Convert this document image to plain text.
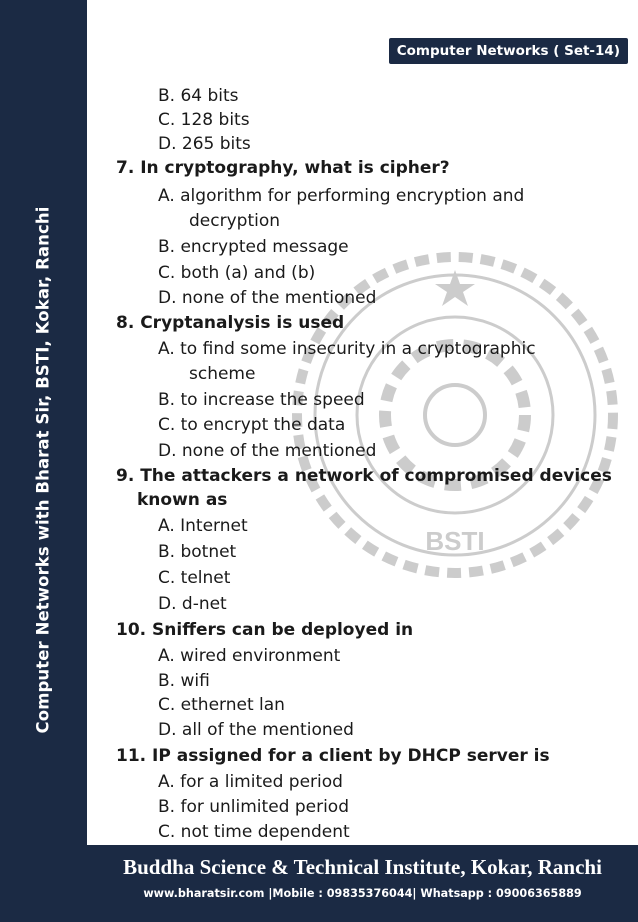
Computer Networks with Bharat Sir, BSTI, Kokar, Ranchi
Computer Networks ( Set-14)
BSTI
B. 64 bits
C. 128 bits
D. 265 bits
7. In cryptography, what is cipher?
A. algorithm for performing encryption and
decryption
B. encrypted message
C. both (a) and (b)
D. none of the mentioned
8. Cryptanalysis is used
A. to find some insecurity in a cryptographic
scheme
B. to increase the speed
C. to encrypt the data
D. none of the mentioned
9. The attackers a network of compromised devices
known as
A. Internet
B. botnet
C. telnet
D. d-net
10. Sniffers can be deployed in
A. wired environment
B. wifi
C. ethernet lan
D. all of the mentioned
11. IP assigned for a client by DHCP server is
A. for a limited period
B. for unlimited period
C. not time dependent
Buddha Science & Technical Institute, Kokar, Ranchi
www.bharatsir.com |Mobile : 09835376044| Whatsapp : 09006365889
